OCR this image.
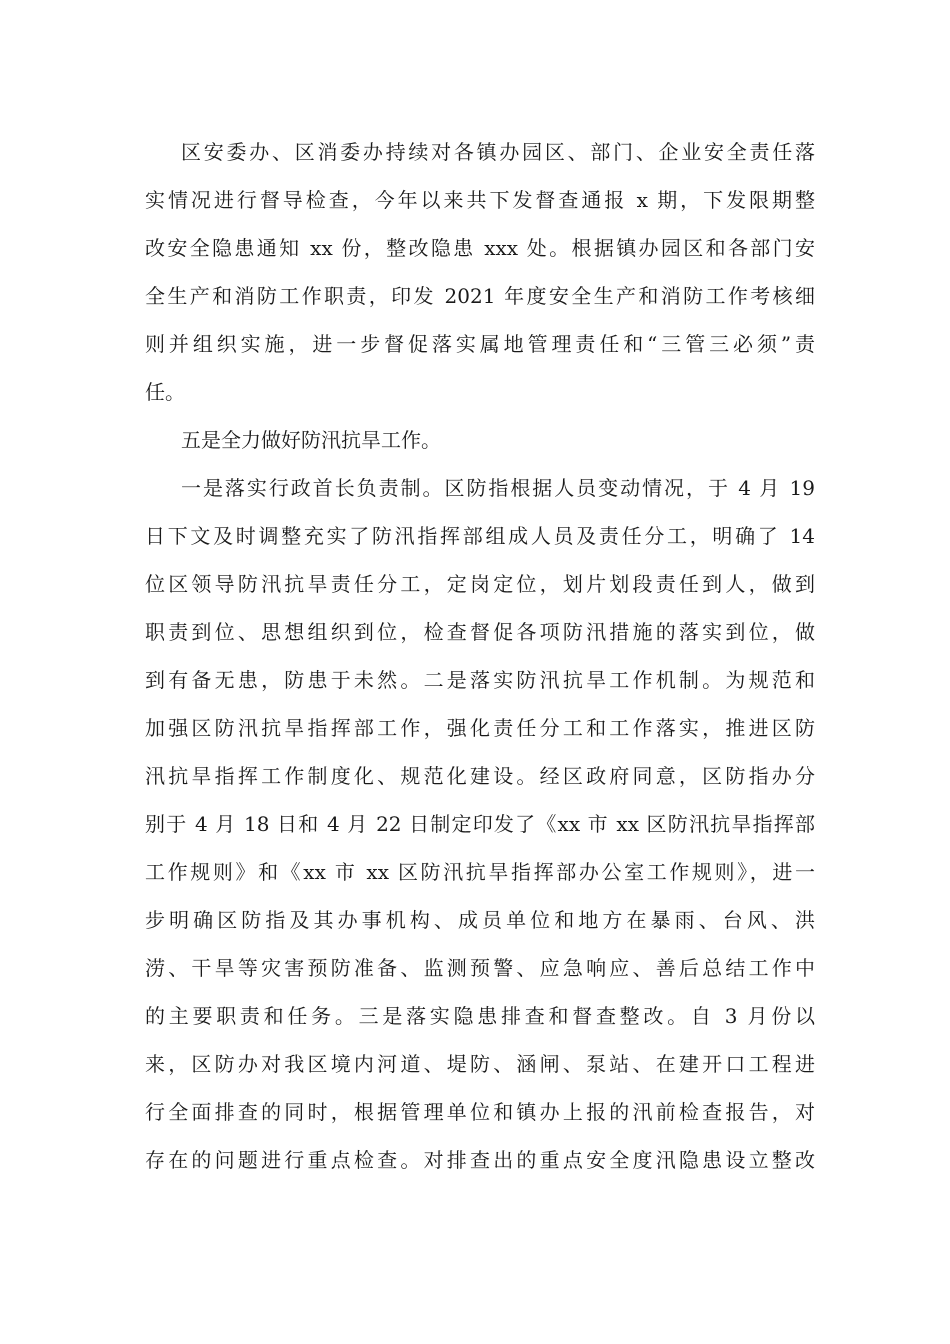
区安委办、区消委办持续对各镇办园区、部门、企业安全责任落
实情况进行督导检查，今年以来共下发督查通报 x 期，下发限期整
改安全隐患通知 xx 份，整改隐患 xxx 处。根据镇办园区和各部门安
全生产和消防工作职责，印发 2021 年度安全生产和消防工作考核细
则并组织实施，进一步督促落实属地管理责任和“三管三必须”责
任。
五是全力做好防汛抗旱工作。
一是落实行政首长负责制。区防指根据人员变动情况，于 4 月 19
日下文及时调整充实了防汛指挥部组成人员及责任分工，明确了 14
位区领导防汛抗旱责任分工，定岗定位，划片划段责任到人，做到
职责到位、思想组织到位，检查督促各项防汛措施的落实到位，做
到有备无患，防患于未然。二是落实防汛抗旱工作机制。为规范和
加强区防汛抗旱指挥部工作，强化责任分工和工作落实，推进区防
汛抗旱指挥工作制度化、规范化建设。经区政府同意，区防指办分
别于 4 月 18 日和 4 月 22 日制定印发了《xx 市 xx 区防汛抗旱指挥部
工作规则》和《xx 市 xx 区防汛抗旱指挥部办公室工作规则》，进一
步明确区防指及其办事机构、成员单位和地方在暴雨、台风、洪
涝、干旱等灾害预防准备、监测预警、应急响应、善后总结工作中
的主要职责和任务。三是落实隐患排查和督查整改。自 3 月份以
来，区防办对我区境内河道、堤防、涵闸、泵站、在建开口工程进
行全面排查的同时，根据管理单位和镇办上报的汛前检查报告，对
存在的问题进行重点检查。对排查出的重点安全度汛隐患设立整改
